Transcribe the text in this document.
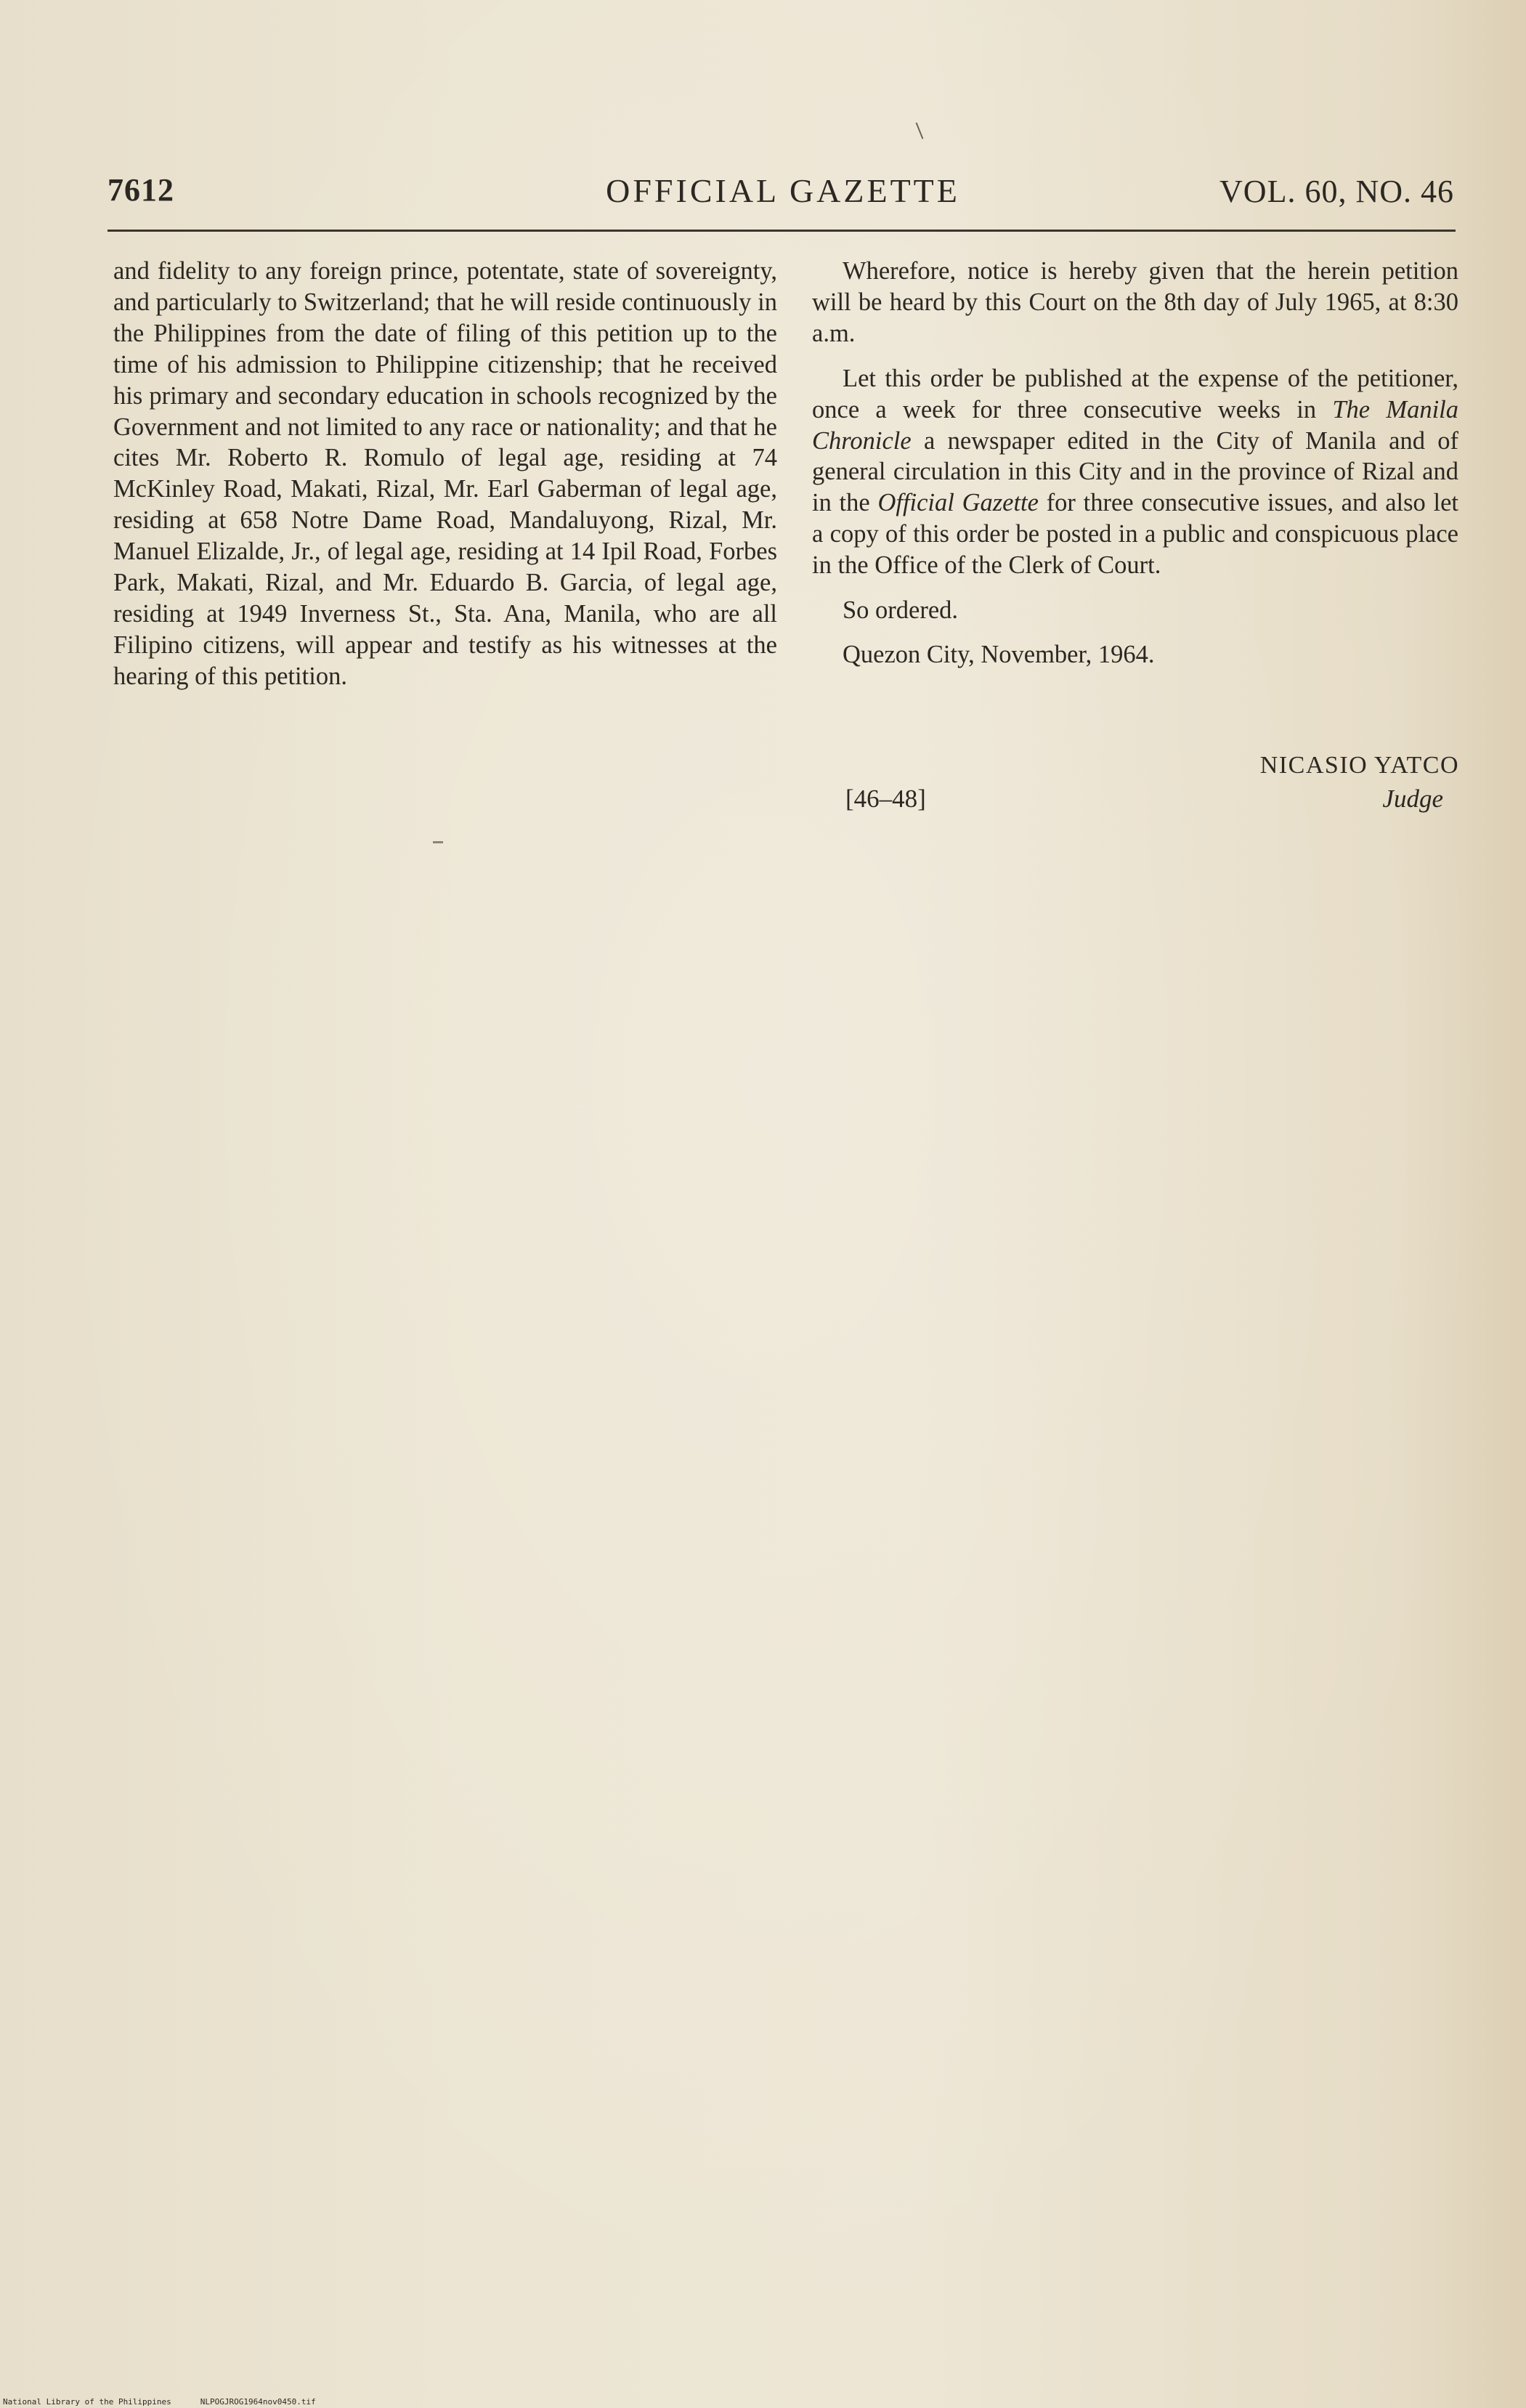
7612	OFFICIAL GAZETTE	VOL. 60, NO. 46

and fidelity to any foreign prince, potentate, state of sovereignty, and particularly to Switzerland; that he will reside continuously in the Philippines from the date of filing of this petition up to the time of his admission to Philippine citizenship; that he received his primary and secondary education in schools recognized by the Government and not limited to any race or nationality; and that he cites Mr. Roberto R. Romulo of legal age, residing at 74 McKinley Road, Makati, Rizal, Mr. Earl Gaberman of legal age, residing at 658 Notre Dame Road, Mandaluyong, Rizal, Mr. Manuel Elizalde, Jr., of legal age, residing at 14 Ipil Road, Forbes Park, Makati, Rizal, and Mr. Eduardo B. Garcia, of legal age, residing at 1949 Inverness St., Sta. Ana, Manila, who are all Filipino citizens, will appear and testify as his witnesses at the hearing of this petition.

Wherefore, notice is hereby given that the herein petition will be heard by this Court on the 8th day of July 1965, at 8:30 a.m.

Let this order be published at the expense of the petitioner, once a week for three consecutive weeks in The Manila Chronicle a newspaper edited in the City of Manila and of general circulation in this City and in the province of Rizal and in the Official Gazette for three consecutive issues, and also let a copy of this order be posted in a public and conspicuous place in the Office of the Clerk of Court.

So ordered.

Quezon City, November, 1964.

NICASIO YATCO
[46–48]	Judge
National Library of the Philippines	NLPOGJROG1964nov0450.tif
